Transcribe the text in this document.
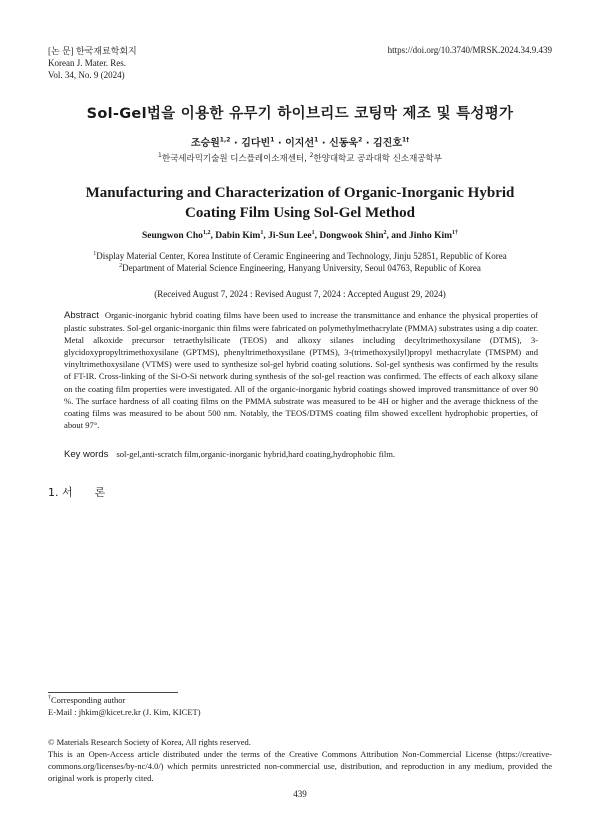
[논 문] 한국재료학회지
Korean J. Mater. Res.
Vol. 34, No. 9 (2024)
https://doi.org/10.3740/MRSK.2024.34.9.439
Sol-Gel법을 이용한 유무기 하이브리드 코팅막 제조 및 특성평가
조승원$^{1,2}$ · 김다빈$^1$ · 이지선$^1$ · 신동욱$^2$ · 김진호$^{1\dagger}$
$^1$한국세라믹기술원 디스플레이소재센터, $^2$한양대학교 공과대학 신소재공학부
Manufacturing and Characterization of Organic-Inorganic Hybrid Coating Film Using Sol-Gel Method
Seungwon Cho$^{1,2}$, Dabin Kim$^1$, Ji-Sun Lee$^1$, Dongwook Shin$^2$, and Jinho Kim$^{1\dagger}$
$^1$Display Material Center, Korea Institute of Ceramic Engineering and Technology, Jinju 52851, Republic of Korea
$^2$Department of Material Science Engineering, Hanyang University, Seoul 04763, Republic of Korea
(Received August 7, 2024 : Revised August 7, 2024 : Accepted August 29, 2024)
Abstract Organic-inorganic hybrid coating films have been used to increase the transmittance and enhance the physical properties of plastic substrates. Sol-gel organic-inorganic thin films were fabricated on polymethylmethacrylate (PMMA) substrates using a dip coater. Metal alkoxide precursor tetraethylsilicate (TEOS) and alkoxy silanes including decyltrimethoxysilane (DTMS), 3-glycidoxypropyltrimethoxysilane (GPTMS), phenyltrimethoxysilane (PTMS), 3-(trimethoxysilyl)propyl methacrylate (TMSPM) and vinyltrimethoxysilane (VTMS) were used to synthesize sol-gel hybrid coating solutions. Sol-gel synthesis was confirmed by the results of FT-IR. Cross-linking of the Si-O-Si network during synthesis of the sol-gel reaction was confirmed. The effects of each alkoxy silane on the coating film properties were investigated. All of the organic-inorganic hybrid coatings showed improved transmittance of over 90 %. The surface hardness of all coating films on the PMMA substrate was measured to be 4H or higher and the average thickness of the coating films was measured to be about 500 nm. Notably, the TEOS/DTMS coating film showed excellent hydrophobic properties, of about 97°.
Key words sol-gel,anti-scratch film,organic-inorganic hybrid,hard coating,hydrophobic film.
1. 서　　론
†Corresponding author
E-Mail : jhkim@kicet.re.kr (J. Kim, KICET)
© Materials Research Society of Korea, All rights reserved.
This is an Open-Access article distributed under the terms of the Creative Commons Attribution Non-Commercial License (https://creative-commons.org/licenses/by-nc/4.0/) which permits unrestricted non-commercial use, distribution, and reproduction in any medium, provided the original work is properly cited.
439
